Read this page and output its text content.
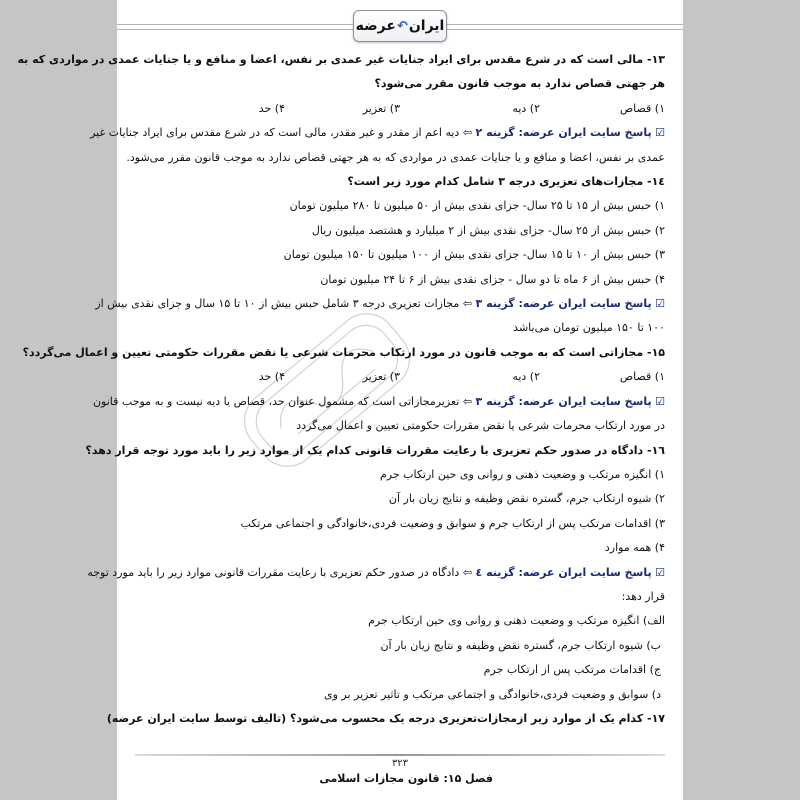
ایران
↶
عرضه
۱۳- مالی است که در شرع مقدس برای ایراد جنایات غیر عمدی بر نفس، اعضا و منافع و یا جنایات عمدی در مواردی که به
هر جهتی قصاص ندارد به موجب قانون مقرر می‌شود؟
۱) قصاص
۲) دیه
۳) تعزیر
۴) حد
☑ پاسخ سایت ایران عرضه: گزینه ۲ ⇦ دیه اعم از مقدر و غیر مقدر، مالی است که در شرع مقدس برای ایراد جنایات غیر
عمدی بر نفس، اعضا و منافع و یا جنایات عمدی در مواردی که به هر جهتی قصاص ندارد به موجب قانون مقرر می‌شود.
۱٤- مجازات‌های تعزیری درجه ۳ شامل کدام مورد زیر است؟
۱) حبس بیش از ۱۵ تا ۲۵ سال- جزای نقدی بیش از ۵۰ میلیون تا ۲۸۰ میلیون تومان
۲) حبس بیش از ۲۵ سال- جزای نقدی بیش از ۲ میلیارد و هشتصد میلیون ریال
۳) حبس بیش از ۱۰ تا ۱۵ سال- جزای نقدی بیش از ۱۰۰ میلیون تا ۱۵۰ میلیون تومان
۴) حبس بیش از ۶ ماه تا دو سال - جزای نقدی بیش از ۶ تا ۲۴ میلیون تومان
☑ پاسخ سایت ایران عرضه: گزینه ۳ ⇦ مجازات تعزیری درجه ۳ شامل حبس بیش از ۱۰ تا ۱۵ سال و جزای نقدی بیش از
۱۰۰ تا ۱۵۰ میلیون تومان می‌باشد
۱۵- مجازاتی است که به موجب قانون در مورد ارتکاب محرمات شرعی یا نقض مقررات حکومتی تعیین و اعمال می‌گردد؟
۱) قصاص
۲) دیه
۳) تعزیر
۴) حد
☑ پاسخ سایت ایران عرضه: گزینه ۳ ⇦ تعزیرمجازاتی است که مشمول عنوان حد، قصاص یا دیه نیست و به موجب قانون
در مورد ارتکاب محرمات شرعی یا نقض مقررات حکومتی تعیین و اعمال می‌گردد
۱٦- دادگاه در صدور حکم تعزیری با رعایت مقررات قانونی کدام یک از موارد زیر را باید مورد توجه قرار دهد؟
۱) انگیزه مرتکب و وضعیت ذهنی و روانی وی حین ارتکاب جرم
۲) شیوه ارتکاب جرم، گستره نقض وظیفه و نتایج زیان بار آن
۳) اقدامات مرتکب پس از ارتکاب جرم و سوابق و وضعیت فردی،خانوادگی و اجتماعی مرتکب
۴) همه موارد
☑ پاسخ سایت ایران عرضه: گزینه ٤ ⇦ دادگاه در صدور حکم تعزیری با رعایت مقررات قانونی موارد زیر را باید مورد توجه
قرار دهد:
الف) انگیزه مرتکب و وضعیت ذهنی و روانی وی حین ارتکاب جرم
ب) شیوه ارتکاب جرم، گستره نقض وظیفه و نتایج زیان بار آن
ج) اقدامات مرتکب پس از ارتکاب جرم
د) سوابق و وضعیت فردی،خانوادگی و اجتماعی مرتکب و تاثیر تعزیر بر وی
۱۷- کدام یک از موارد زیر ازمجازات‌تعزیری درجه یک محسوب می‌شود؟ (تالیف توسط سایت ایران عرضه)
۳۲۳
فصل ۱۵: قانون مجازات اسلامی
